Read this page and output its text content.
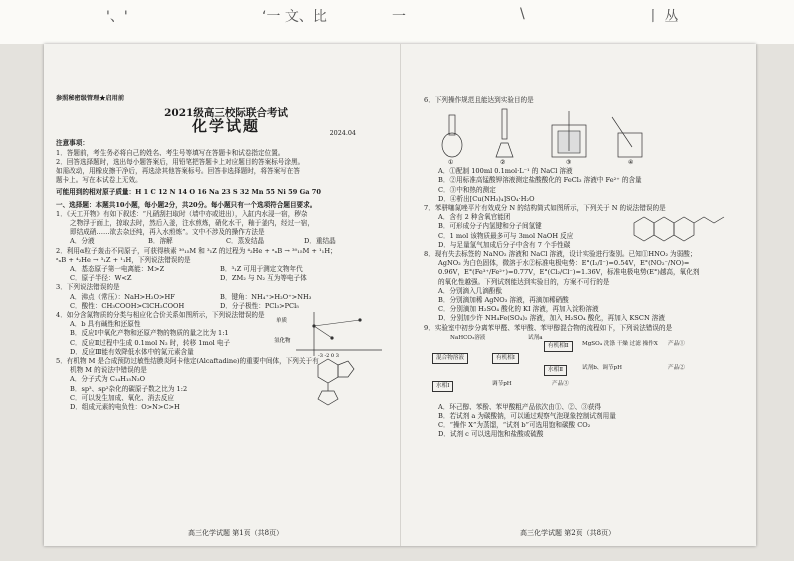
'、'	‘一 文、比	一	\	丨 丛
参照秘密级管理★启用前
2021级高三校际联合考试
化学试题	2024.04
注意事项：

1．答题前，考生务必将自己的姓名、考生号等填写在答题卡和试卷指定位置。

2．回答选择题时，选出每小题答案后，用铅笔把答题卡上对应题目的答案标号涂黑。

如需改动，用橡皮擦干净后，再选涂其他答案标号。回答非选择题时，将答案写在答

题卡上。写在本试卷上无效。

可能用到的相对原子质量：H 1 C 12 N 14 O 16 Na 23 S 32 Mn 55 Ni 59 Ga 70

一、选择题：本题共10小题，每小题2分，共20分。每小题只有一个选项符合题目要求。

1．《天工开物》有如下叙述：“凡硝刮扫取时（墙中亦或迸出），入缸内水浸一宿，秽杂

之物浮于面上，掠取去时，然后入釜，注水煎炼，硝化水干，釉于釜内，经过一宿，

即结成硝……欲去杂还纯，再入水煎炼”。文中不涉及的操作方法是

A．分液	B．溶解	C．蒸发结晶	D．重结晶

2．利用α粒子轰击不同原子，可获得核素 ³⁰₁₅M 和 ³₁Z 的过程为 ⁴₂He + ᵃₙB → ³⁰₁₅M + ¹₁H；

ᵃₙB + ⁴₂He → ³₁Z + ¹₁H，下列说法错误的是

A．基态原子第一电离能：M>Z	B．³₁Z 可用于测定文物年代
C．原子半径：W<Z	D．ZM₂ 与 N₂ 互为等电子体

3．下列说法错误的是

A．沸点（常压）：NaH>H₂O>HF	B．键角：NH₄⁺>H₂O⁺>NH₃
C．酸性：CH₃COOH>ClCH₂COOH	D．分子极性：PCl₃>PCl₅

4．如分含氮物质的分类与相应化合价关系如图所示，下列说法错误的是

A．b 具有碱性和还原性

B．反应Ⅰ中氧化产物和还原产物的物质的量之比为 1:1

C．反应Ⅱ过程中生成 0.1mol N₂ 时，转移 1mol 电子

D．反应Ⅲ能有效降低水体中的氮元素含量

单质
氢化物
-3 -2 0 3

5．有机物 M 是合成预防过敏性结膜炎阿卡他定(Alcaftadine)的重要中间体，下列关于有

机物 M 的说法中错误的是

A．分子式为 C₁₄H₁₅N₃O

B．sp³、sp²杂化的碳原子数之比为 1:2

C．可以发生加成、氧化、消去反应

D．组成元素的电负性：O>N>C>H

高三化学试题 第1页（共8页）

6．下列操作规范且能达到实验目的是

①	②	③	④

A．①配制 100ml 0.1mol·L⁻¹ 的 NaCl 溶液

B．②用标准高锰酸钾溶液测定盐酸酸化的 FeCl₃ 溶液中 Fe²⁺ 的含量

C．③中和热的测定

D．④析出[Cu(NH₃)₄]SO₄·H₂O

7．苯骈噻氮唑平片有效成分 N 的结构简式如图所示，下列关于 N 的说法错误的是

A．含有 2 种含氧官能团

B．可形成分子内氢键和分子间氢键

C．1 mol 该物质最多可与 3mol NaOH 反应

D．与足量氢气加成后分子中含有 7 个手性碳

8．现有失去标签的 NaNO₂ 溶液和 NaCl 溶液，设计实验进行鉴别。已知①HNO₂ 为弱酸；

AgNO₂ 为白色固体，微溶于水②标准电极电势：E°(I₂/I⁻)=0.54V，E°(NO₂⁻/NO)=

0.96V，E°(Fe³⁺/Fe²⁺)=0.77V，E°(Cl₂/Cl⁻)=1.36V，标准电极电势(E°)越高，氧化剂

的氧化性越强。下列试剂能达到实验目的，方案不可行的是

A．分别滴入几滴酚酞

B．分别滴加稀 AgNO₃ 溶液，再滴加稀硝酸

C．分别滴加 H₂SO₄ 酸化的 KI 溶液，再加入淀粉溶液

D．分别加少许 NH₄Fe(SO₄)₂ 溶液，加入 H₂SO₄ 酸化，再加入 KSCN 溶液

9．实验室中初步分离苯甲醛、苯甲酸、苯甲醇混合物的流程如下，下列说法错误的是

NaHCO₃溶液	试剂a
混合物溶液	有机相Ⅰ
有机相Ⅱ
水相Ⅱ
水相Ⅰ
MgSO₄ 洗涤 干燥 过滤 操作X	产品①
试剂b、调节pH	产品②
调节pH	产品③

A．环己醇、苯酚、苯甲酸粗产品依次由①、②、③获得

B．若试剂 a 为碳酸钠，可以通过观察气泡现象控制试剂用量

C．“操作 X”为蒸馏，“试剂 b”可选用饱和碳酸 CO₂

D．试剂 c 可以选用饱和盐酸或硫酸

高三化学试题 第2页（共8页）
